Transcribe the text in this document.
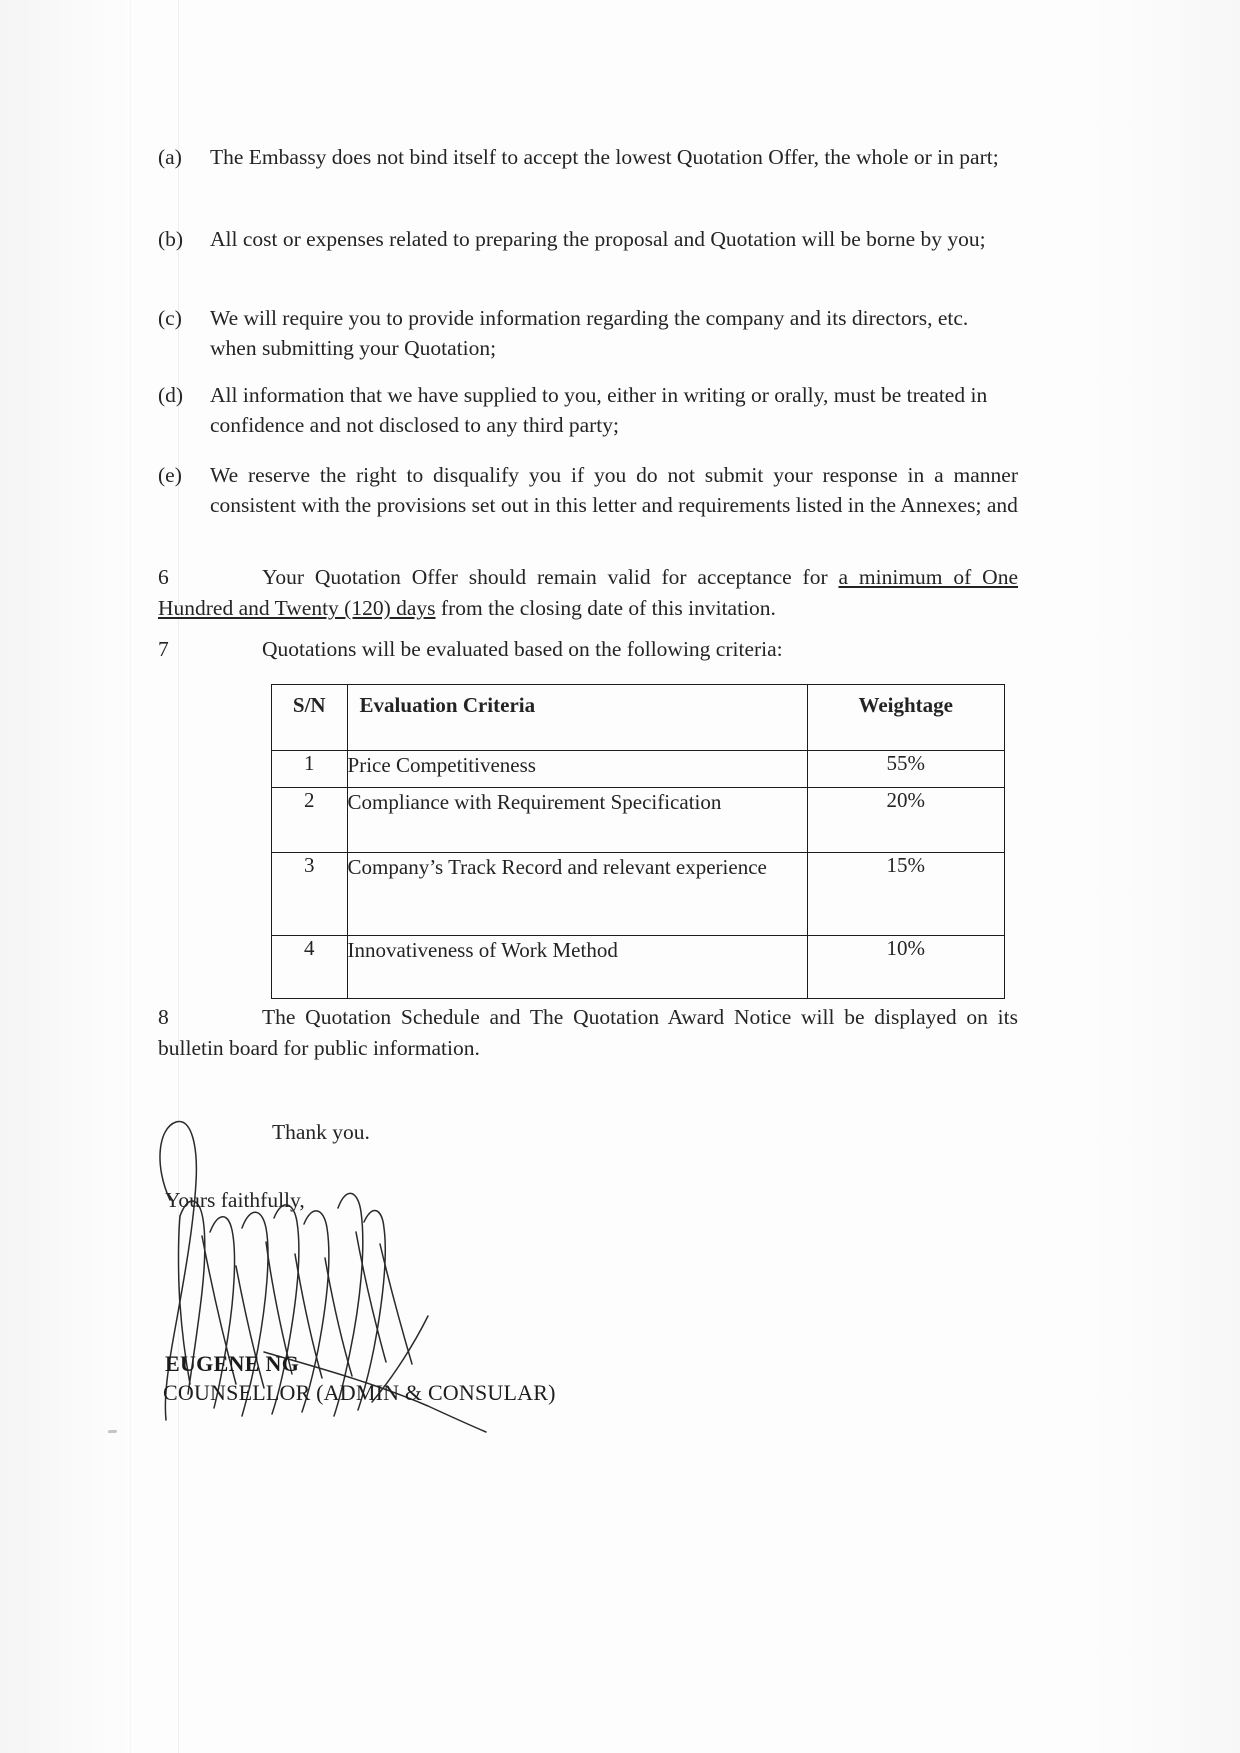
(a)	The Embassy does not bind itself to accept the lowest Quotation Offer, the whole or in part;
(b)	All cost or expenses related to preparing the proposal and Quotation will be borne by you;
(c)	We will require you to provide information regarding the company and its directors, etc. when submitting your Quotation;
(d)	All information that we have supplied to you, either in writing or orally, must be treated in confidence and not disclosed to any third party;
(e)	We reserve the right to disqualify you if you do not submit your response in a manner consistent with the provisions set out in this letter and requirements listed in the Annexes; and
6	Your Quotation Offer should remain valid for acceptance for a minimum of One Hundred and Twenty (120) days from the closing date of this invitation.
7	Quotations will be evaluated based on the following criteria:
S/N	Evaluation Criteria	Weightage
1	Price Competitiveness	55%
2	Compliance with Requirement Specification	20%
3	Company’s Track Record and relevant experience	15%
4	Innovativeness of Work Method	10%
8	The Quotation Schedule and The Quotation Award Notice will be displayed on its bulletin board for public information.
Thank you.
Yours faithfully,
EUGENE NG
COUNSELLOR (ADMIN & CONSULAR)
